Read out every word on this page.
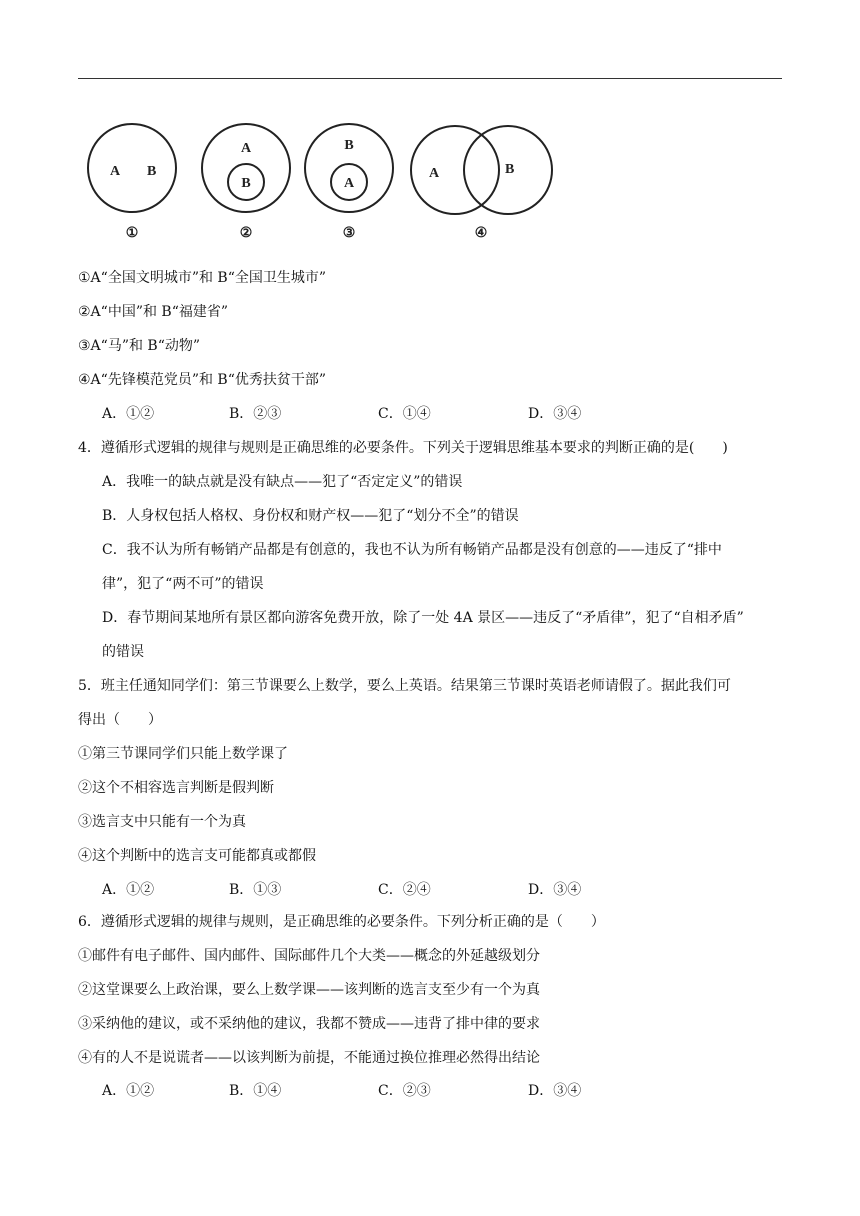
A B
①
A
B
②
B
A
③
A	B
④
①A“全国文明城市”和 B“全国卫生城市”
②A“中国”和 B“福建省”
③A“马”和 B“动物”
④A“先锋模范党员”和 B“优秀扶贫干部”
A．①②	B．②③	C．①④	D．③④
4．遵循形式逻辑的规律与规则是正确思维的必要条件。下列关于逻辑思维基本要求的判断正确的是(　　)
A．我唯一的缺点就是没有缺点——犯了“否定定义”的错误
B．人身权包括人格权、身份权和财产权——犯了“划分不全”的错误
C．我不认为所有畅销产品都是有创意的，我也不认为所有畅销产品都是没有创意的——违反了“排中
律”，犯了“两不可”的错误
D．春节期间某地所有景区都向游客免费开放，除了一处 4A 景区——违反了“矛盾律”，犯了“自相矛盾”
的错误
5．班主任通知同学们：第三节课要么上数学，要么上英语。结果第三节课时英语老师请假了。据此我们可
得出（　　）
①第三节课同学们只能上数学课了
②这个不相容选言判断是假判断
③选言支中只能有一个为真
④这个判断中的选言支可能都真或都假
A．①②	B．①③	C．②④	D．③④
6．遵循形式逻辑的规律与规则，是正确思维的必要条件。下列分析正确的是（　　）
①邮件有电子邮件、国内邮件、国际邮件几个大类——概念的外延越级划分
②这堂课要么上政治课，要么上数学课——该判断的选言支至少有一个为真
③采纳他的建议，或不采纳他的建议，我都不赞成——违背了排中律的要求
④有的人不是说谎者——以该判断为前提，不能通过换位推理必然得出结论
A．①②	B．①④	C．②③	D．③④
